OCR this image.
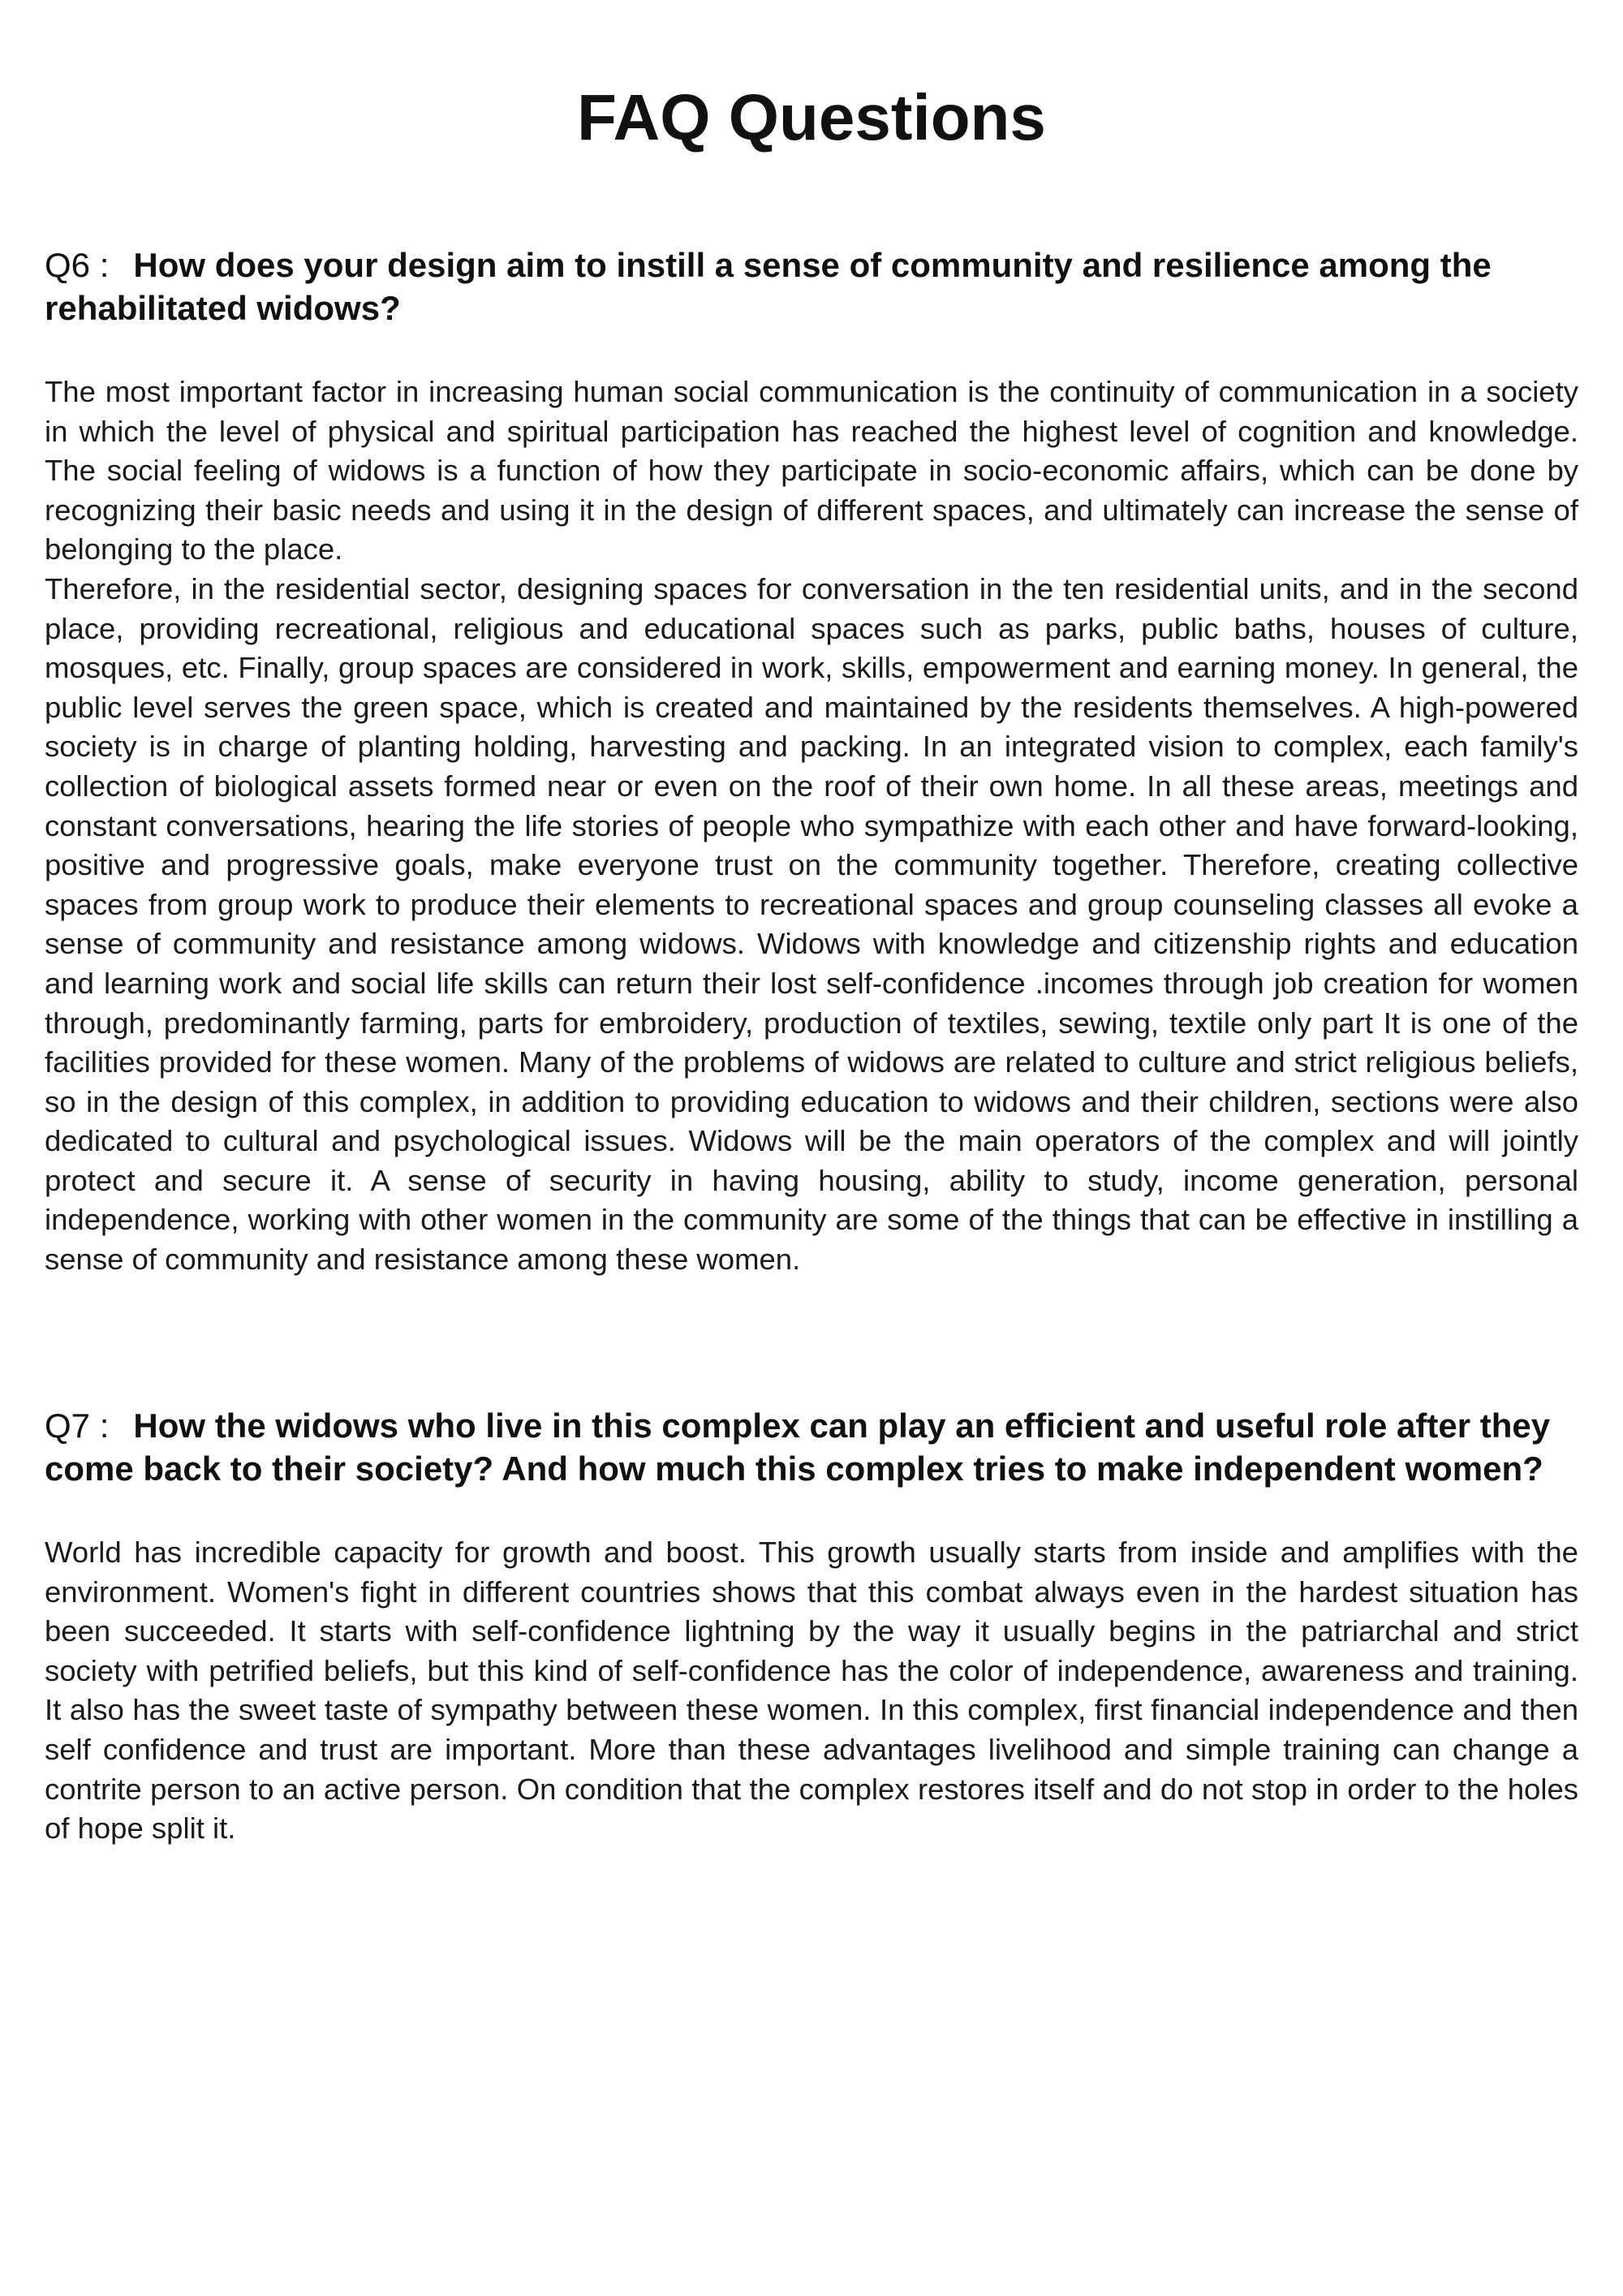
FAQ Questions
Q6 : How does your design aim to instill a sense of community and resilience among the rehabilitated widows?

The most important factor in increasing human social communication is the continuity of communication in a society in which the level of physical and spiritual participation has reached the highest level of cognition and knowledge. The social feeling of widows is a function of how they participate in socio-economic affairs, which can be done by recognizing their basic needs and using it in the design of different spaces, and ultimately can increase the sense of belonging to the place.

Therefore, in the residential sector, designing spaces for conversation in the ten residential units, and in the second place, providing recreational, religious and educational spaces such as parks, public baths, houses of culture, mosques, etc. Finally, group spaces are considered in work, skills, empowerment and earning money. In general, the public level serves the green space, which is created and maintained by the residents themselves. A high-powered society is in charge of planting holding, harvesting and packing. In an integrated vision to complex, each family's collection of biological assets formed near or even on the roof of their own home. In all these areas, meetings and constant conversations, hearing the life stories of people who sympathize with each other and have forward-looking, positive and progressive goals, make everyone trust on the community together. Therefore, creating collective spaces from group work to produce their elements to recreational spaces and group counseling classes all evoke a sense of community and resistance among widows. Widows with knowledge and citizenship rights and education and learning work and social life skills can return their lost self-confidence .incomes through job creation for women through, predominantly farming, parts for embroidery, production of textiles, sewing, textile only part It is one of the facilities provided for these women. Many of the problems of widows are related to culture and strict religious beliefs, so in the design of this complex, in addition to providing education to widows and their children, sections were also dedicated to cultural and psychological issues. Widows will be the main operators of the complex and will jointly protect and secure it. A sense of security in having housing, ability to study, income generation, personal independence, working with other women in the community are some of the things that can be effective in instilling a sense of community and resistance among these women.

Q7 : How the widows who live in this complex can play an efficient and useful role after they come back to their society? And how much this complex tries to make independent women?

World has incredible capacity for growth and boost. This growth usually starts from inside and amplifies with the environment. Women's fight in different countries shows that this combat always even in the hardest situation has been succeeded. It starts with self-confidence lightning by the way it usually begins in the patriarchal and strict society with petrified beliefs, but this kind of self-confidence has the color of independence, awareness and training. It also has the sweet taste of sympathy between these women. In this complex, first financial independence and then self confidence and trust are important. More than these advantages livelihood and simple training can change a contrite person to an active person. On condition that the complex restores itself and do not stop in order to the holes of hope split it.
